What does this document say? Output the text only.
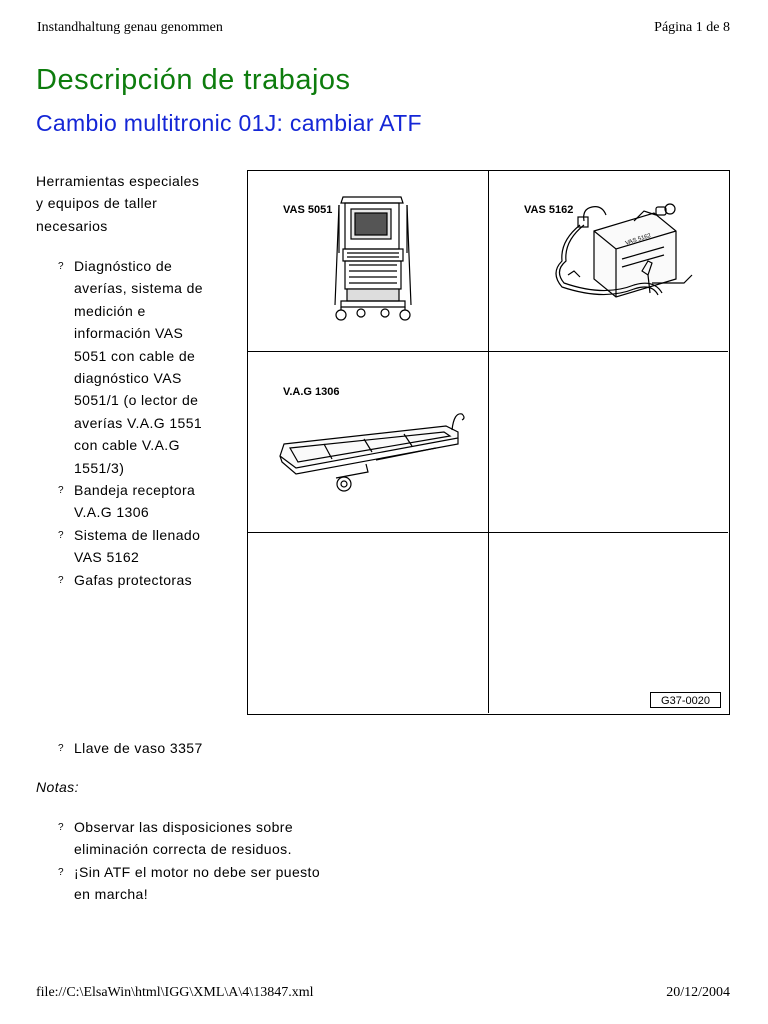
Instandhaltung genau genommen	Página 1 de 8
Descripción de trabajos
Cambio multitronic 01J: cambiar ATF
Herramientas especiales
y equipos de taller
necesarios
? Diagnóstico de
averías, sistema de
medición e
información VAS
5051 con cable de
diagnóstico VAS
5051/1 (o lector de
averías V.A.G 1551
con cable V.A.G
1551/3)
? Bandeja receptora
V.A.G 1306
? Sistema de llenado
VAS 5162
? Gafas protectoras
VAS 5051
VAS 5162
VAS 5162
V.A.G 1306
G37-0020
? Llave de vaso 3357
Notas:
? Observar las disposiciones sobre
eliminación correcta de residuos.
? ¡Sin ATF el motor no debe ser puesto
en marcha!
file://C:\ElsaWin\html\IGG\XML\A\4\13847.xml	20/12/2004
